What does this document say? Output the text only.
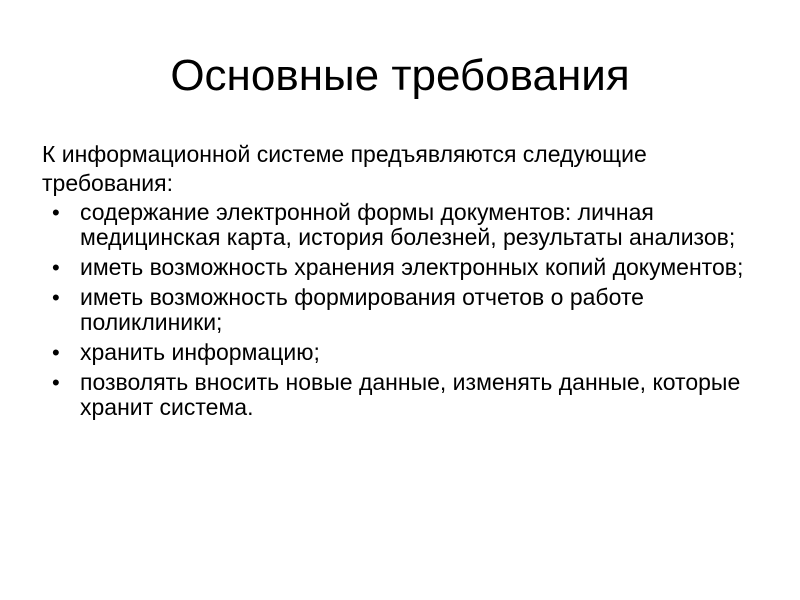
Основные требования

К информационной системе предъявляются следующие требования:

• содержание электронной формы документов: личная медицинская карта, история болезней, результаты анализов;
• иметь возможность хранения электронных копий документов;
• иметь возможность формирования отчетов о работе поликлиники;
• хранить информацию;
• позволять вносить новые данные, изменять данные, которые хранит система.
